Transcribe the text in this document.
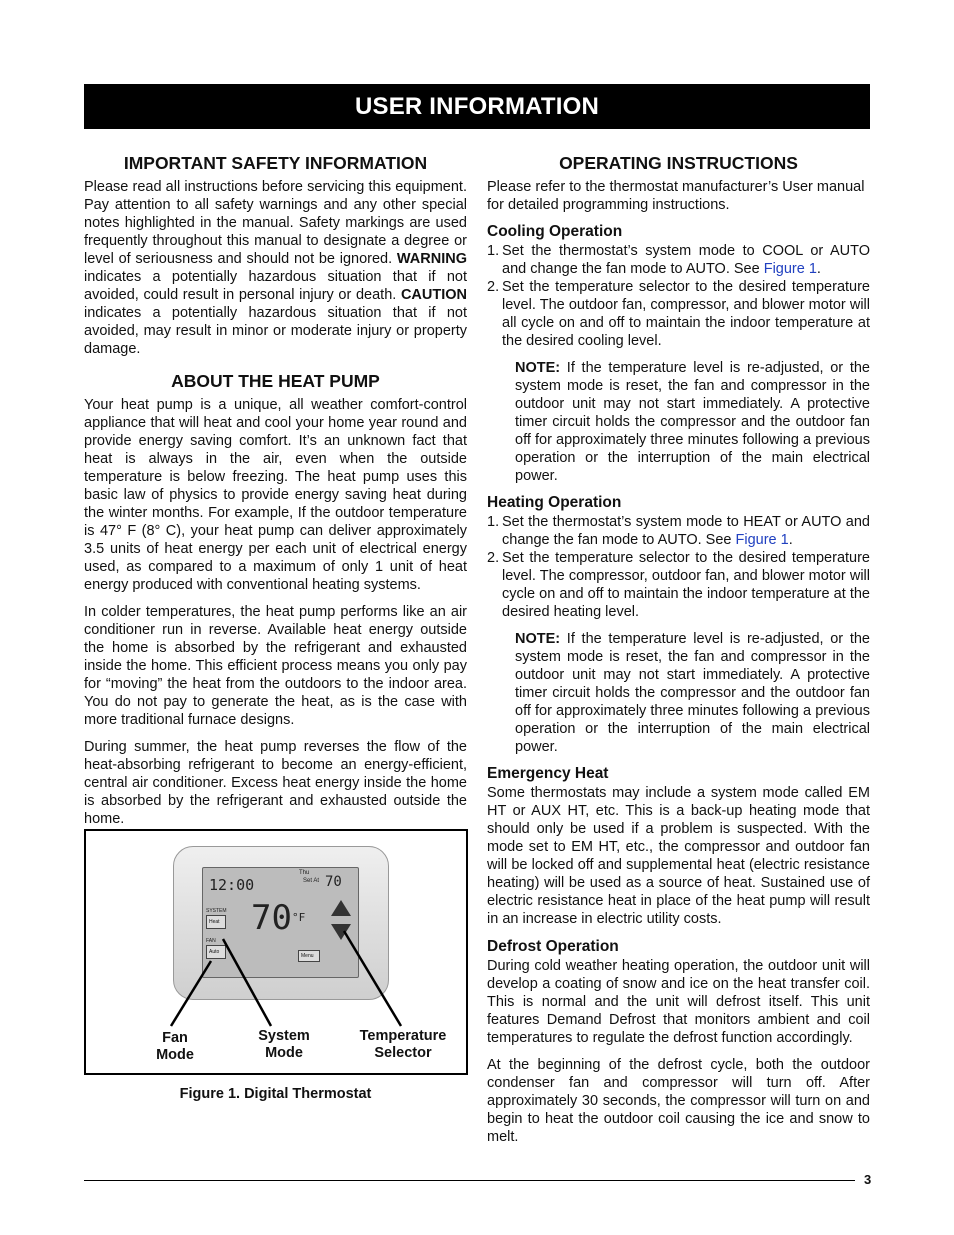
USER INFORMATION
IMPORTANT SAFETY INFORMATION

Please read all instructions before servicing this equipment. Pay attention to all safety warnings and any other special notes highlighted in the manual. Safety markings are used frequently throughout this manual to designate a degree or level of seriousness and should not be ignored. WARNING indicates a potentially hazardous situation that if not avoided, could result in personal injury or death. CAUTION indicates a potentially hazardous situation that if not avoided, may result in minor or moderate injury or property damage.

ABOUT THE HEAT PUMP

Your heat pump is a unique, all weather comfort-control appliance that will heat and cool your home year round and provide energy saving comfort. It’s an unknown fact that heat is always in the air, even when the outside temperature is below freezing. The heat pump uses this basic law of physics to provide energy saving heat during the winter months. For example, If the outdoor temperature is 47° F (8° C), your heat pump can deliver approximately 3.5 units of heat energy per each unit of electrical energy used, as compared to a maximum of only 1 unit of heat energy produced with conventional heating systems.

In colder temperatures, the heat pump performs like an air conditioner run in reverse. Available heat energy outside the home is absorbed by the refrigerant and exhausted inside the home. This efficient process means you only pay for “moving” the heat from the outdoors to the indoor area. You do not pay to generate the heat, as is the case with more traditional furnace designs.

During summer, the heat pump reverses the flow of the heat-absorbing refrigerant to become an energy-efficient, central air conditioner. Excess heat energy inside the home is absorbed by the refrigerant and exhausted outside the home.

12:00
Thu
Set At 70
SYSTEM
Heat
FAN
Auto
$70^{^\circ F}$
Menu
Fan
Mode
System
Mode
Temperature
Selector
Figure 1. Digital Thermostat
OPERATING INSTRUCTIONS

Please refer to the thermostat manufacturer’s User manual for detailed programming instructions.

Cooling Operation
1. Set the thermostat’s system mode to COOL or AUTO and change the fan mode to AUTO. See Figure 1.
2. Set the temperature selector to the desired temperature level. The outdoor fan, compressor, and blower motor will all cycle on and off to maintain the indoor temperature at the desired cooling level.

NOTE: If the temperature level is re-adjusted, or the system mode is reset, the fan and compressor in the outdoor unit may not start immediately. A protective timer circuit holds the compressor and the outdoor fan off for approximately three minutes following a previous operation or the interruption of the main electrical power.

Heating Operation
1. Set the thermostat’s system mode to HEAT or AUTO and change the fan mode to AUTO. See Figure 1.
2. Set the temperature selector to the desired temperature level. The compressor, outdoor fan, and blower motor will cycle on and off to maintain the indoor temperature at the desired heating level.

NOTE: If the temperature level is re-adjusted, or the system mode is reset, the fan and compressor in the outdoor unit may not start immediately. A protective timer circuit holds the compressor and the outdoor fan off for approximately three minutes following a previous operation or the interruption of the main electrical power.

Emergency Heat

Some thermostats may include a system mode called EM HT or AUX HT, etc. This is a back-up heating mode that should only be used if a problem is suspected. With the mode set to EM HT, etc., the compressor and outdoor fan will be locked off and supplemental heat (electric resistance heating) will be used as a source of heat. Sustained use of electric resistance heat in place of the heat pump will result in an increase in electric utility costs.

Defrost Operation

During cold weather heating operation, the outdoor unit will develop a coating of snow and ice on the heat transfer coil. This is normal and the unit will defrost itself. This unit features Demand Defrost that monitors ambient and coil temperatures to regulate the defrost function accordingly.

At the beginning of the defrost cycle, both the outdoor condenser fan and compressor will turn off. After approximately 30 seconds, the compressor will turn on and begin to heat the outdoor coil causing the ice and snow to melt.

3
